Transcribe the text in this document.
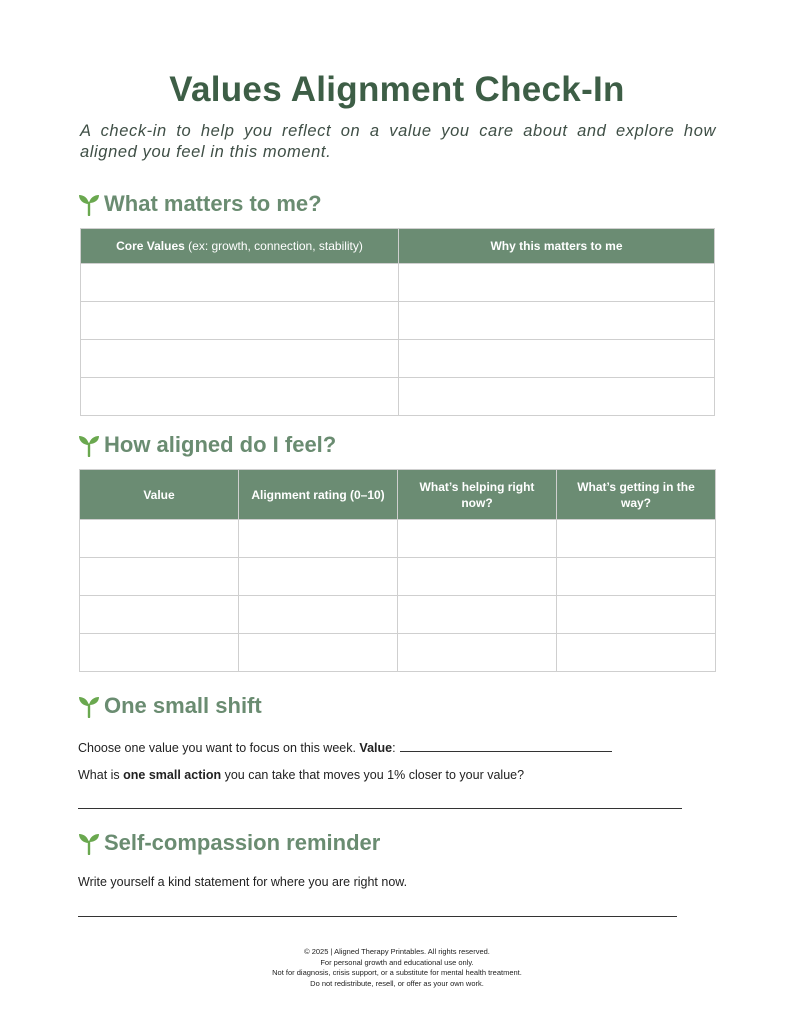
Values Alignment Check-In
A check-in to help you reflect on a value you care about and explore how aligned you feel in this moment.
What matters to me?
Core Values (ex: growth, connection, stability)	Why this matters to me

How aligned do I feel?
Value	Alignment rating (0–10)	What’s helping right now?	What’s getting in the way?

One small shift
Choose one value you want to focus on this week. Value:
What is one small action you can take that moves you 1% closer to your value?
Self-compassion reminder
Write yourself a kind statement for where you are right now.
© 2025 | Aligned Therapy Printables. All rights reserved.
For personal growth and educational use only.
Not for diagnosis, crisis support, or a substitute for mental health treatment.
Do not redistribute, resell, or offer as your own work.
